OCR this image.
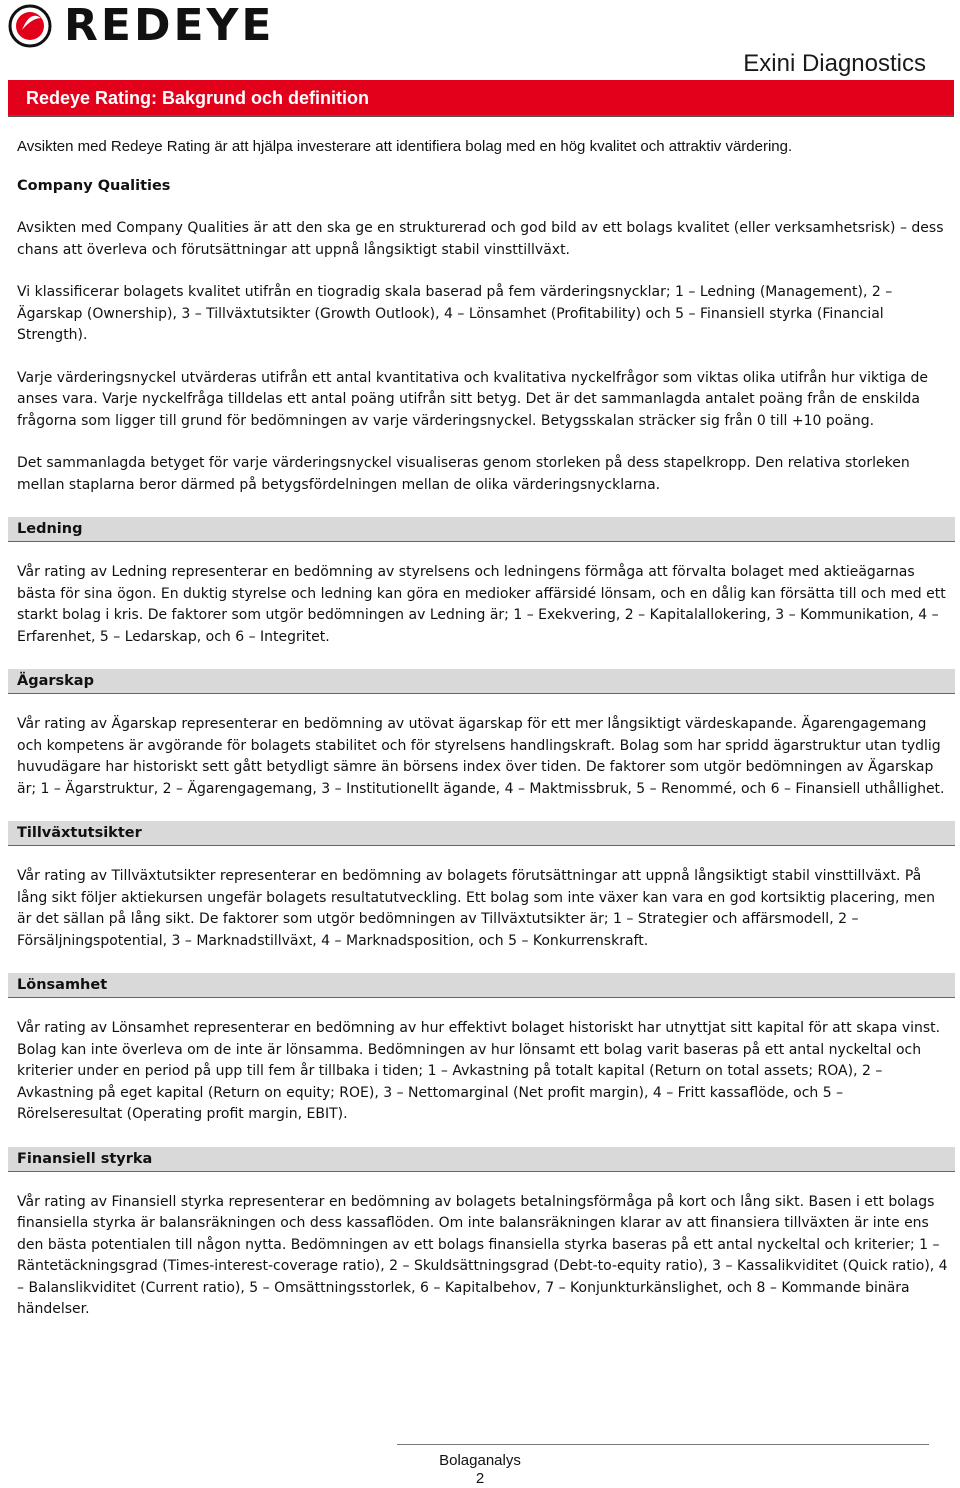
REDEYE
Exini Diagnostics
Redeye Rating: Bakgrund och definition

Avsikten med Redeye Rating är att hjälpa investerare att identifiera bolag med en hög kvalitet och attraktiv värdering.

Company Qualities

Avsikten med Company Qualities är att den ska ge en strukturerad och god bild av ett bolags kvalitet (eller verksamhetsrisk) – dess chans att överleva och förutsättningar att uppnå långsiktigt stabil vinsttillväxt.

Vi klassificerar bolagets kvalitet utifrån en tiogradig skala baserad på fem värderingsnycklar; 1 – Ledning (Management), 2 – Ägarskap (Ownership), 3 – Tillväxtutsikter (Growth Outlook), 4 – Lönsamhet (Profitability) och 5 – Finansiell styrka (Financial Strength).

Varje värderingsnyckel utvärderas utifrån ett antal kvantitativa och kvalitativa nyckelfrågor som viktas olika utifrån hur viktiga de anses vara. Varje nyckelfråga tilldelas ett antal poäng utifrån sitt betyg. Det är det sammanlagda antalet poäng från de enskilda frågorna som ligger till grund för bedömningen av varje värderingsnyckel. Betygsskalan sträcker sig från 0 till +10 poäng.

Det sammanlagda betyget för varje värderingsnyckel visualiseras genom storleken på dess stapelkropp. Den relativa storleken mellan staplarna beror därmed på betygsfördelningen mellan de olika värderingsnycklarna.

Ledning

Vår rating av Ledning representerar en bedömning av styrelsens och ledningens förmåga att förvalta bolaget med aktieägarnas bästa för sina ögon. En duktig styrelse och ledning kan göra en medioker affärsidé lönsam, och en dålig kan försätta till och med ett starkt bolag i kris. De faktorer som utgör bedömningen av Ledning är; 1 – Exekvering, 2 – Kapitalallokering, 3 – Kommunikation, 4 – Erfarenhet, 5 – Ledarskap, och 6 – Integritet.

Ägarskap

Vår rating av Ägarskap representerar en bedömning av utövat ägarskap för ett mer långsiktigt värdeskapande. Ägarengagemang och kompetens är avgörande för bolagets stabilitet och för styrelsens handlingskraft. Bolag som har spridd ägarstruktur utan tydlig huvudägare har historiskt sett gått betydligt sämre än börsens index över tiden. De faktorer som utgör bedömningen av Ägarskap är; 1 – Ägarstruktur, 2 – Ägarengagemang, 3 – Institutionellt ägande, 4 – Maktmissbruk, 5 – Renommé, och 6 – Finansiell uthållighet.

Tillväxtutsikter

Vår rating av Tillväxtutsikter representerar en bedömning av bolagets förutsättningar att uppnå långsiktigt stabil vinsttillväxt. På lång sikt följer aktiekursen ungefär bolagets resultatutveckling. Ett bolag som inte växer kan vara en god kortsiktig placering, men är det sällan på lång sikt. De faktorer som utgör bedömningen av Tillväxtutsikter är; 1 – Strategier och affärsmodell, 2 – Försäljningspotential, 3 – Marknadstillväxt, 4 – Marknadsposition, och 5 – Konkurrenskraft.

Lönsamhet

Vår rating av Lönsamhet representerar en bedömning av hur effektivt bolaget historiskt har utnyttjat sitt kapital för att skapa vinst. Bolag kan inte överleva om de inte är lönsamma. Bedömningen av hur lönsamt ett bolag varit baseras på ett antal nyckeltal och kriterier under en period på upp till fem år tillbaka i tiden; 1 – Avkastning på totalt kapital (Return on total assets; ROA), 2 – Avkastning på eget kapital (Return on equity; ROE), 3 – Nettomarginal (Net profit margin), 4 – Fritt kassaflöde, och 5 – Rörelseresultat (Operating profit margin, EBIT).

Finansiell styrka

Vår rating av Finansiell styrka representerar en bedömning av bolagets betalningsförmåga på kort och lång sikt. Basen i ett bolags finansiella styrka är balansräkningen och dess kassaflöden. Om inte balansräkningen klarar av att finansiera tillväxten är inte ens den bästa potentialen till någon nytta. Bedömningen av ett bolags finansiella styrka baseras på ett antal nyckeltal och kriterier; 1 – Räntetäckningsgrad (Times-interest-coverage ratio), 2 – Skuldsättningsgrad (Debt-to-equity ratio), 3 – Kassalikviditet (Quick ratio), 4 – Balanslikviditet (Current ratio), 5 – Omsättningsstorlek, 6 – Kapitalbehov, 7 – Konjunkturkänslighet, och 8 – Kommande binära händelser.

Bolaganalys
2
